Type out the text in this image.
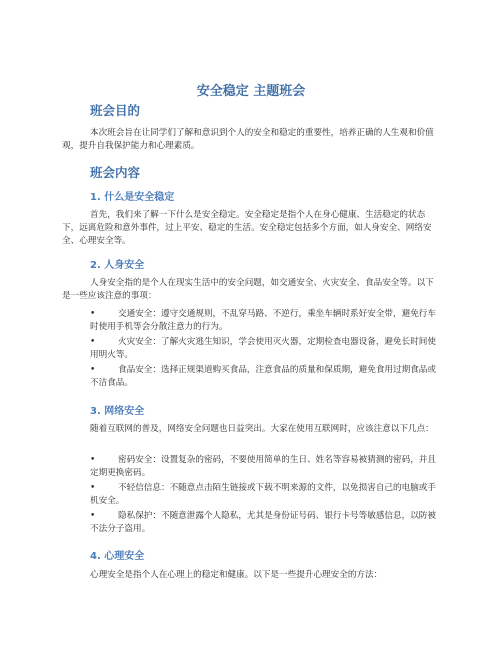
安全稳定 主题班会
班会目的

本次班会旨在让同学们了解和意识到个人的安全和稳定的重要性，培养正确的人生观和价值观，提升自我保护能力和心理素质。

班会内容
1. 什么是安全稳定

首先，我们来了解一下什么是安全稳定。安全稳定是指个人在身心健康、生活稳定的状态下，远离危险和意外事件，过上平安、稳定的生活。安全稳定包括多个方面，如人身安全、网络安全、心理安全等。

2. 人身安全

人身安全指的是个人在现实生活中的安全问题，如交通安全、火灾安全、食品安全等。以下是一些应该注意的事项：

•	交通安全：遵守交通规则，不乱穿马路、不逆行，乘坐车辆时系好安全带，避免行车时使用手机等会分散注意力的行为。
•	火灾安全：了解火灾逃生知识，学会使用灭火器，定期检查电器设备，避免长时间使用明火等。
•	食品安全：选择正规渠道购买食品，注意食品的质量和保质期，避免食用过期食品或不洁食品。
3. 网络安全

随着互联网的普及，网络安全问题也日益突出。大家在使用互联网时，应该注意以下几点：

•	密码安全：设置复杂的密码，不要使用简单的生日、姓名等容易被猜测的密码，并且定期更换密码。
•	不轻信信息：不随意点击陌生链接或下载不明来源的文件，以免损害自己的电脑或手机安全。
•	隐私保护：不随意泄露个人隐私，尤其是身份证号码、银行卡号等敏感信息，以防被不法分子盗用。
4. 心理安全

心理安全是指个人在心理上的稳定和健康。以下是一些提升心理安全的方法：
